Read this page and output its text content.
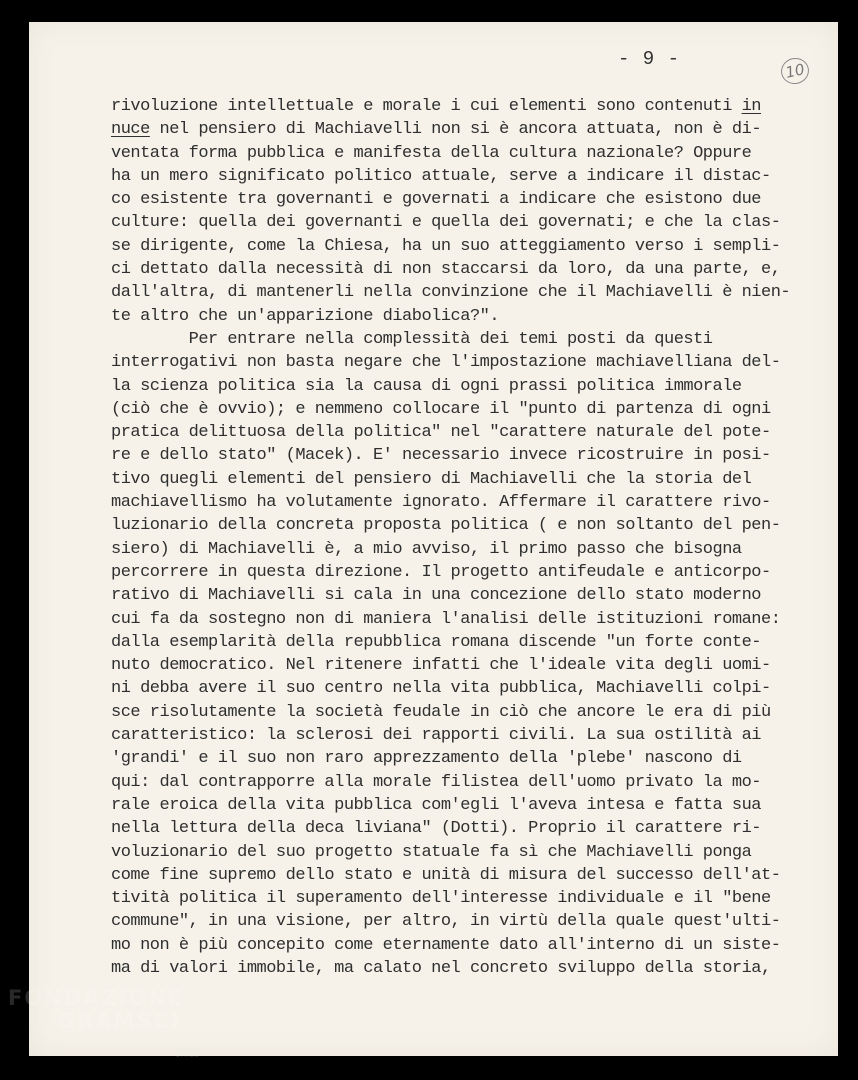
- 9 -
10
rivoluzione intellettuale e morale i cui elementi sono contenuti in
nuce nel pensiero di Machiavelli non si è ancora attuata, non è di-
ventata forma pubblica e manifesta della cultura nazionale? Oppure
ha un mero significato politico attuale, serve a indicare il distac-
co esistente tra governanti e governati a indicare che esistono due
culture: quella dei governanti e quella dei governati; e che la clas-
se dirigente, come la Chiesa, ha un suo atteggiamento verso i sempli-
ci dettato dalla necessità di non staccarsi da loro, da una parte, e,
dall'altra, di mantenerli nella convinzione che il Machiavelli è nien-
te altro che un'apparizione diabolica?".
Per entrare nella complessità dei temi posti da questi
interrogativi non basta negare che l'impostazione machiavelliana del-
la scienza politica sia la causa di ogni prassi politica immorale
(ciò che è ovvio); e nemmeno collocare il "punto di partenza di ogni
pratica delittuosa della politica" nel "carattere naturale del pote-
re e dello stato" (Macek). E' necessario invece ricostruire in posi-
tivo quegli elementi del pensiero di Machiavelli che la storia del
machiavellismo ha volutamente ignorato. Affermare il carattere rivo-
luzionario della concreta proposta politica ( e non soltanto del pen-
siero) di Machiavelli è, a mio avviso, il primo passo che bisogna
percorrere in questa direzione. Il progetto antifeudale e anticorpo-
rativo di Machiavelli si cala in una concezione dello stato moderno
cui fa da sostegno non di maniera l'analisi delle istituzioni romane:
dalla esemplarità della repubblica romana discende "un forte conte-
nuto democratico. Nel ritenere infatti che l'ideale vita degli uomi-
ni debba avere il suo centro nella vita pubblica, Machiavelli colpi-
sce risolutamente la società feudale in ciò che ancore le era di più
caratteristico: la sclerosi dei rapporti civili. La sua ostilità ai
'grandi' e il suo non raro apprezzamento della 'plebe' nascono di
qui: dal contrapporre alla morale filistea dell'uomo privato la mo-
rale eroica della vita pubblica com'egli l'aveva intesa e fatta sua
nella lettura della deca liviana" (Dotti). Proprio il carattere ri-
voluzionario del suo progetto statuale fa sì che Machiavelli ponga
come fine supremo dello stato e unità di misura del successo dell'at-
tività politica il superamento dell'interesse individuale e il "bene
commune", in una visione, per altro, in virtù della quale quest'ulti-
mo non è più concepito come eternamente dato all'interno di un siste-
ma di valori immobile, ma calato nel concreto sviluppo della storia,
FONDAZIONE
GRAMSCI
onlus
